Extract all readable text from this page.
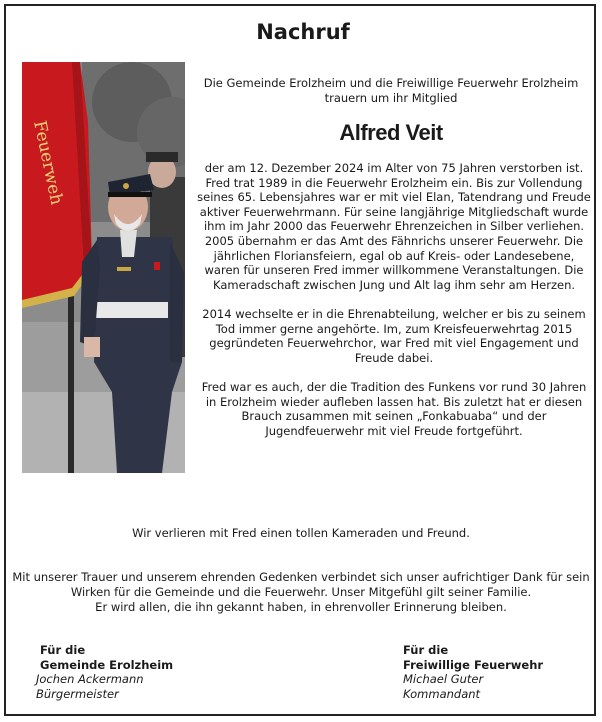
Nachruf
Feuerweh
Die Gemeinde Erolzheim und die Freiwillige Feuerwehr Erolzheim trauern um ihr Mitglied
Alfred Veit

der am 12. Dezember 2024 im Alter von 75 Jahren verstorben ist. Fred trat 1989 in die Feuerwehr Erolzheim ein. Bis zur Vollendung seines 65. Lebensjahres war er mit viel Elan, Tatendrang und Freude aktiver Feuerwehrmann. Für seine langjährige Mitgliedschaft wurde ihm im Jahr 2000 das Feuerwehr Ehrenzeichen in Silber verliehen. 2005 übernahm er das Amt des Fähnrichs unserer Feuerwehr. Die jährlichen Floriansfeiern, egal ob auf Kreis- oder Landesebene, waren für unseren Fred immer willkommene Veranstaltungen. Die Kameradschaft zwischen Jung und Alt lag ihm sehr am Herzen.

2014 wechselte er in die Ehrenabteilung, welcher er bis zu seinem Tod immer gerne angehörte. Im, zum Kreisfeuerwehrtag 2015 gegründeten Feuerwehrchor, war Fred mit viel Engagement und Freude dabei.

Fred war es auch, der die Tradition des Funkens vor rund 30 Jahren in Erolzheim wieder aufleben lassen hat. Bis zuletzt hat er diesen Brauch zusammen mit seinen „Fonkabuaba“ und der Jugendfeuerwehr mit viel Freude fortgeführt.

Wir verlieren mit Fred einen tollen Kameraden und Freund.
Mit unserer Trauer und unserem ehrenden Gedenken verbindet sich unser aufrichtiger Dank für sein Wirken für die Gemeinde und die Feuerwehr. Unser Mitgefühl gilt seiner Familie.
Er wird allen, die ihn gekannt haben, in ehrenvoller Erinnerung bleiben.
Für die
Gemeinde Erolzheim
Jochen Ackermann
Bürgermeister
Für die
Freiwillige Feuerwehr
Michael Guter
Kommandant
